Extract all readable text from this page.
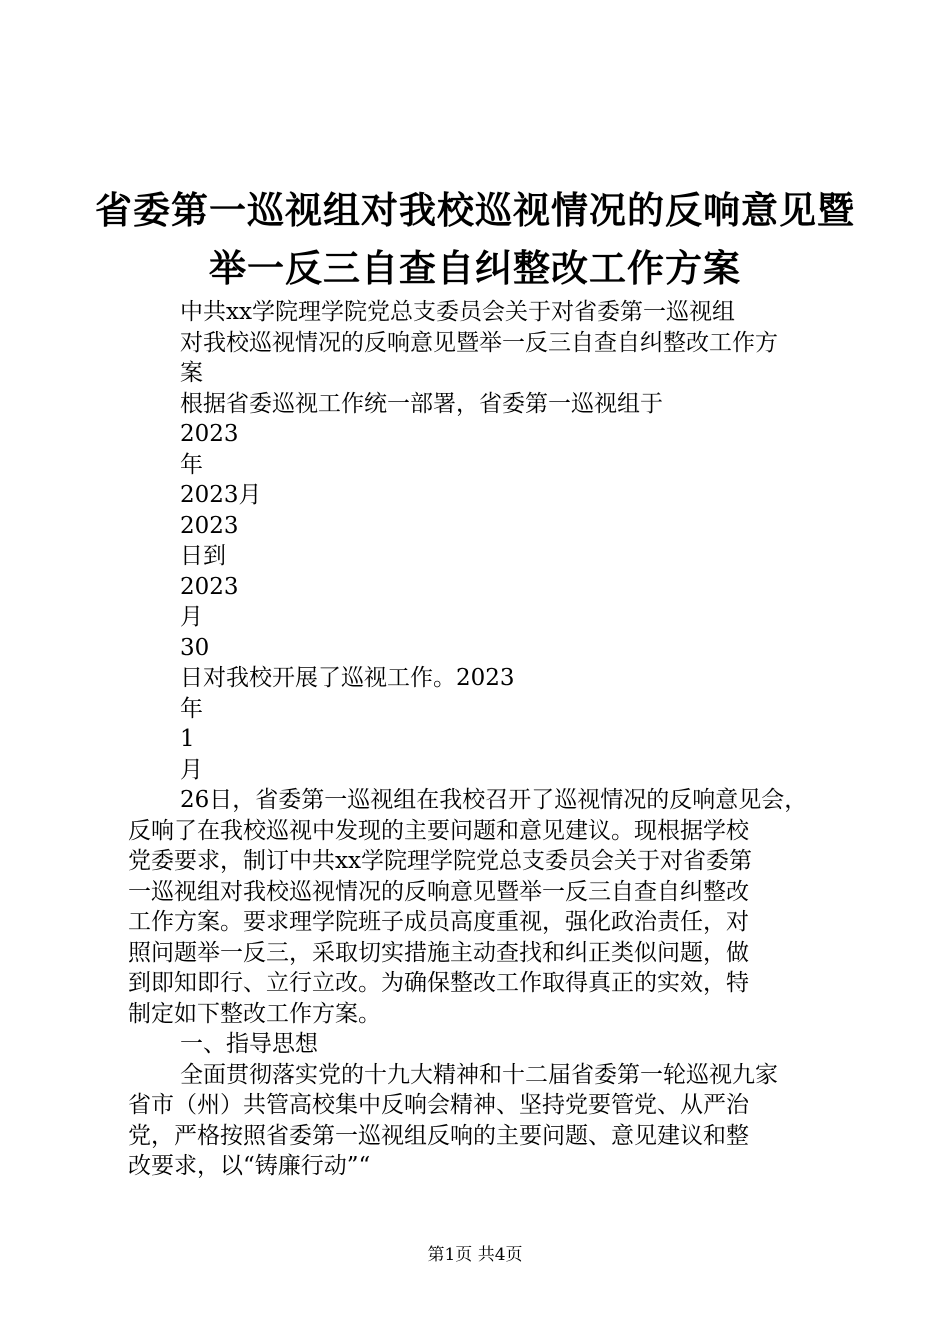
省委第一巡视组对我校巡视情况的反响意见暨
举一反三自查自纠整改工作方案
中共xx学院理学院党总支委员会关于对省委第一巡视组
对我校巡视情况的反响意见暨举一反三自查自纠整改工作方
案
根据省委巡视工作统一部署，省委第一巡视组于
2023
年
2023月
2023
日到
2023
月
30
日对我校开展了巡视工作。2023
年
1
月
26日，省委第一巡视组在我校召开了巡视情况的反响意见会，
反响了在我校巡视中发现的主要问题和意见建议。现根据学校
党委要求，制订中共xx学院理学院党总支委员会关于对省委第
一巡视组对我校巡视情况的反响意见暨举一反三自查自纠整改
工作方案。要求理学院班子成员高度重视，强化政治责任，对
照问题举一反三，采取切实措施主动查找和纠正类似问题，做
到即知即行、立行立改。为确保整改工作取得真正的实效，特
制定如下整改工作方案。
一、指导思想
全面贯彻落实党的十九大精神和十二届省委第一轮巡视九家
省市（州）共管高校集中反响会精神、坚持党要管党、从严治
党，严格按照省委第一巡视组反响的主要问题、意见建议和整
改要求，以“铸廉行动”“
第1页 共4页
